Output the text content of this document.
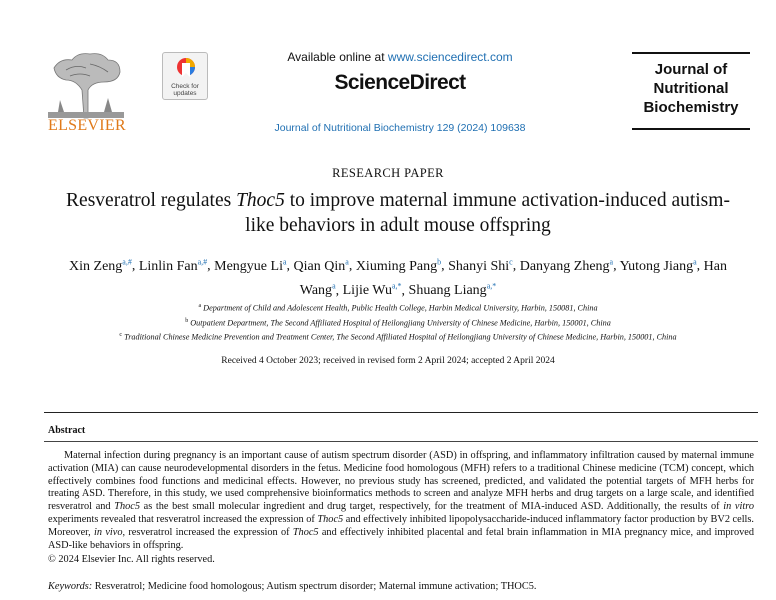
ELSEVIER
Check for updates
Available online at www.sciencedirect.com
ScienceDirect
Journal of Nutritional Biochemistry 129 (2024) 109638
Journal of
Nutritional
Biochemistry
RESEARCH PAPER
Resveratrol regulates Thoc5 to improve maternal immune activation-induced autism-like behaviors in adult mouse offspring
Xin Zeng$^{a,\#}$, Linlin Fan$^{a,\#}$, Mengyue Li$^a$, Qian Qin$^a$, Xiuming Pang$^b$, Shanyi Shi$^c$, Danyang Zheng$^a$, Yutong Jiang$^a$, Han Wang$^a$, Lijie $Wu^{a,*}$, Shuang Liang$^{a,*}$
$^a$ Department of Child and Adolescent Health, Public Health College, Harbin Medical University, Harbin, 150081, China
$^b$ Outpatient Department, The Second Affiliated Hospital of Heilongjiang University of Chinese Medicine, Harbin, 150001, China
$^c$ Traditional Chinese Medicine Prevention and Treatment Center, The Second Affiliated Hospital of Heilongjiang University of Chinese Medicine, Harbin, 150001, China
Received 4 October 2023; received in revised form 2 April 2024; accepted 2 April 2024
Abstract
Maternal infection during pregnancy is an important cause of autism spectrum disorder (ASD) in offspring, and inflammatory infiltration caused by maternal immune activation (MIA) can cause neurodevelopmental disorders in the fetus. Medicine food homologous (MFH) refers to a traditional Chinese medicine (TCM) concept, which effectively combines food functions and medicinal effects. However, no previous study has screened, predicted, and validated the potential targets of MFH herbs for treating ASD. Therefore, in this study, we used comprehensive bioinformatics methods to screen and analyze MFH herbs and drug targets on a large scale, and identified resveratrol and Thoc5 as the best small molecular ingredient and drug target, respectively, for the treatment of MIA-induced ASD. Additionally, the results of in vitro experiments revealed that resveratrol increased the expression of Thoc5 and effectively inhibited lipopolysaccharide-induced inflammatory factor production by BV2 cells. Moreover, in vivo, resveratrol increased the expression of Thoc5 and effectively inhibited placental and fetal brain inflammation in MIA pregnancy mice, and improved ASD-like behaviors in offspring.
© 2024 Elsevier Inc. All rights reserved.
Keywords: Resveratrol; Medicine food homologous; Autism spectrum disorder; Maternal immune activation; THOC5.
